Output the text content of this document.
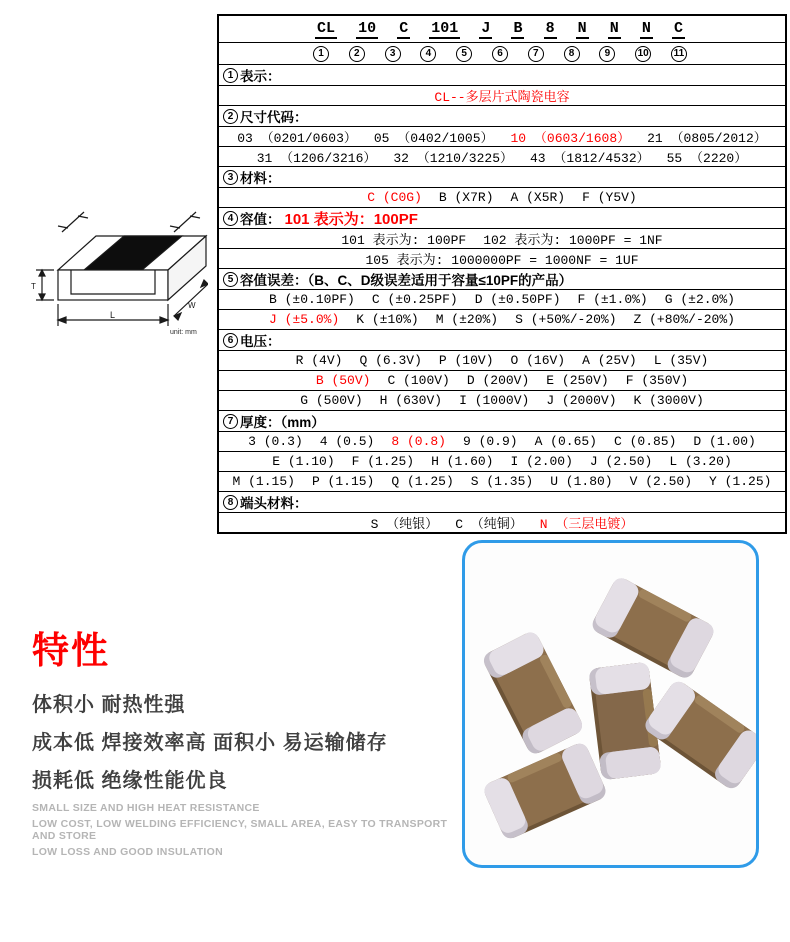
CL 10 C 101 J B 8 N N N C
1	2	3	4	5	6	7	8	9	10 11
1 表示：
CL--多层片式陶瓷电容
2 尺寸代码：
03 （0201/0603） 05 （0402/1005） 10 （0603/1608） 21 （0805/2012）
31 （1206/3216） 32 （1210/3225） 43 （1812/4532） 55 （2220）
3 材料：
C (C0G) B (X7R) A (X5R) F (Y5V)
4 容值： 101 表示为：100PF
101 表示为: 100PF 102 表示为: 1000PF = 1NF
105 表示为: 1000000PF = 1000NF = 1UF
5 容值误差：（B、C、D级误差适用于容量≤10PF的产品）
B (±0.10PF) C (±0.25PF) D (±0.50PF) F (±1.0%) G (±2.0%)
J (±5.0%) K (±10%) M (±20%) S (+50%/-20%) Z (+80%/-20%)
6 电压：
R (4V) Q (6.3V) P (10V) O (16V) A (25V) L (35V)
B (50V) C (100V) D (200V) E (250V) F (350V)
G (500V) H (630V) I (1000V) J (2000V) K (3000V)
7 厚度：（mm）
3 (0.3) 4 (0.5) 8 (0.8) 9 (0.9) A (0.65) C (0.85) D (1.00)
E (1.10) F (1.25) H (1.60) I (2.00) J (2.50) L (3.20)
M (1.15) P (1.15) Q (1.25) S (1.35) U (1.80) V (2.50) Y (1.25)
8 端头材料：
S （纯银） C （纯铜） N （三层电镀）
T
L
W
unit: mm
特性
体积小 耐热性强
成本低 焊接效率高 面积小 易运输储存
损耗低 绝缘性能优良
SMALL SIZE AND HIGH HEAT RESISTANCE
LOW COST, LOW WELDING EFFICIENCY, SMALL AREA, EASY TO TRANSPORT AND STORE
LOW LOSS AND GOOD INSULATION
